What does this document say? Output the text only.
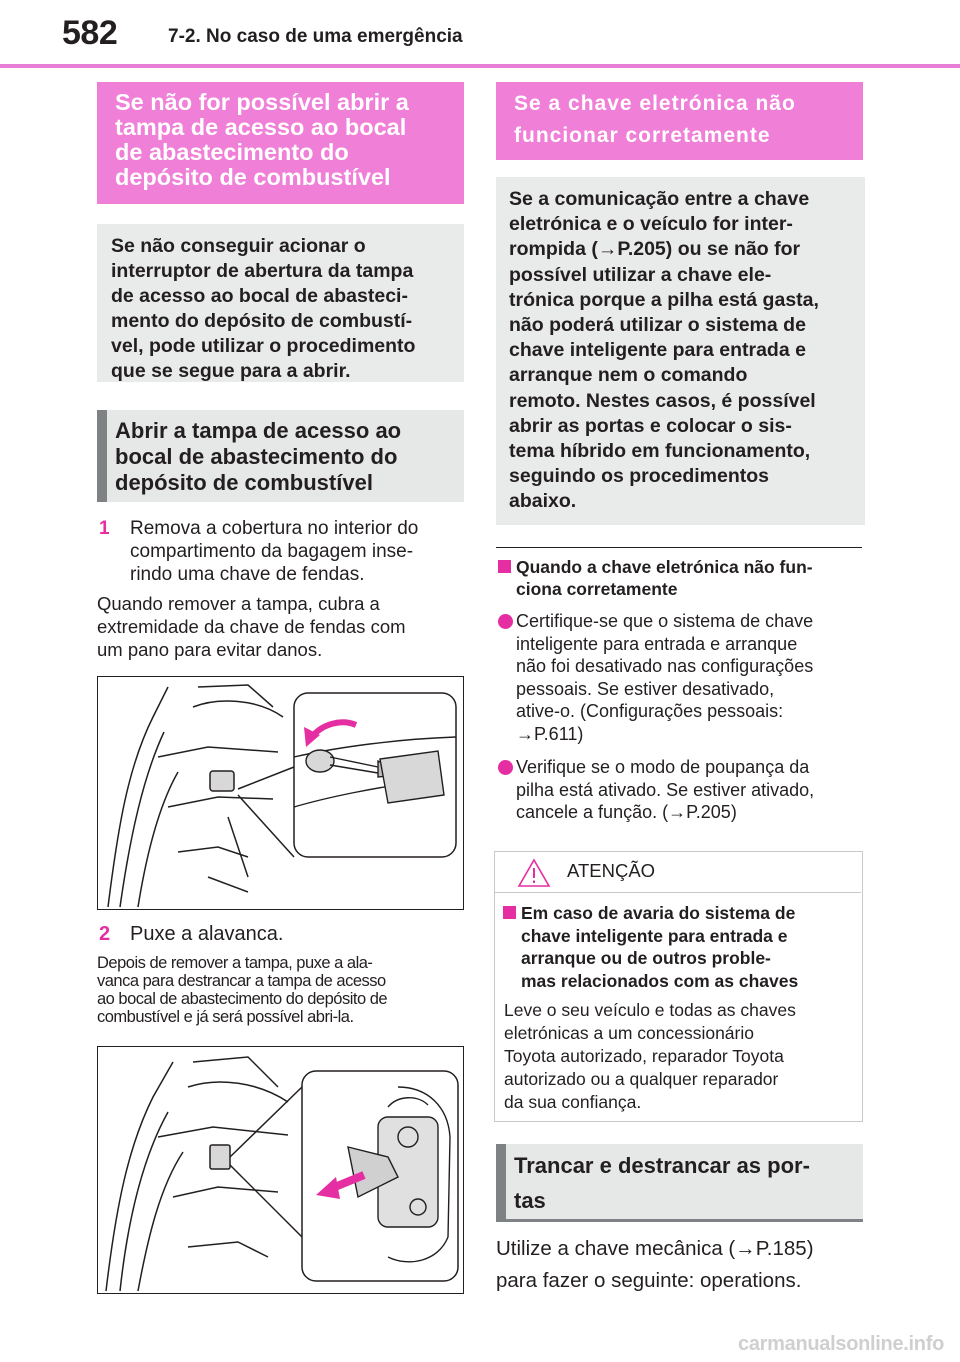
582	7-2. No caso de uma emergência
Se não for possível abrir a
tampa de acesso ao bocal
de abastecimento do
depósito de combustível
Se não conseguir acionar o
interruptor de abertura da tampa
de acesso ao bocal de abasteci-
mento do depósito de combustí-
vel, pode utilizar o procedimento
que se segue para a abrir.
Abrir a tampa de acesso ao
bocal de abastecimento do
depósito de combustível
1 Remova a cobertura no interior do
compartimento da bagagem inse-
rindo uma chave de fendas.
Quando remover a tampa, cubra a
extremidade da chave de fendas com
um pano para evitar danos.
2 Puxe a alavanca.
Depois de remover a tampa, puxe a ala-
vanca para destrancar a tampa de acesso
ao bocal de abastecimento do depósito de
combustível e já será possível abri-la.
Se a chave eletrónica não
funcionar corretamente
Se a comunicação entre a chave
eletrónica e o veículo for inter-
rompida (→P.205) ou se não for
possível utilizar a chave ele-
trónica porque a pilha está gasta,
não poderá utilizar o sistema de
chave inteligente para entrada e
arranque nem o comando
remoto. Nestes casos, é possível
abrir as portas e colocar o sis-
tema híbrido em funcionamento,
seguindo os procedimentos
abaixo.
Quando a chave eletrónica não fun-
ciona corretamente
Certifique-se que o sistema de chave
inteligente para entrada e arranque
não foi desativado nas configurações
pessoais. Se estiver desativado,
ative-o. (Configurações pessoais:
→P.611)
Verifique se o modo de poupança da
pilha está ativado. Se estiver ativado,
cancele a função. (→P.205)
ATENÇÃO
Em caso de avaria do sistema de
chave inteligente para entrada e
arranque ou de outros proble-
mas relacionados com as chaves
Leve o seu veículo e todas as chaves
eletrónicas a um concessionário
Toyota autorizado, reparador Toyota
autorizado ou a qualquer reparador
da sua confiança.
Trancar e destrancar as por-
tas
Utilize a chave mecânica (→P.185)
para fazer o seguinte: operations.
carmanualsonline.info
